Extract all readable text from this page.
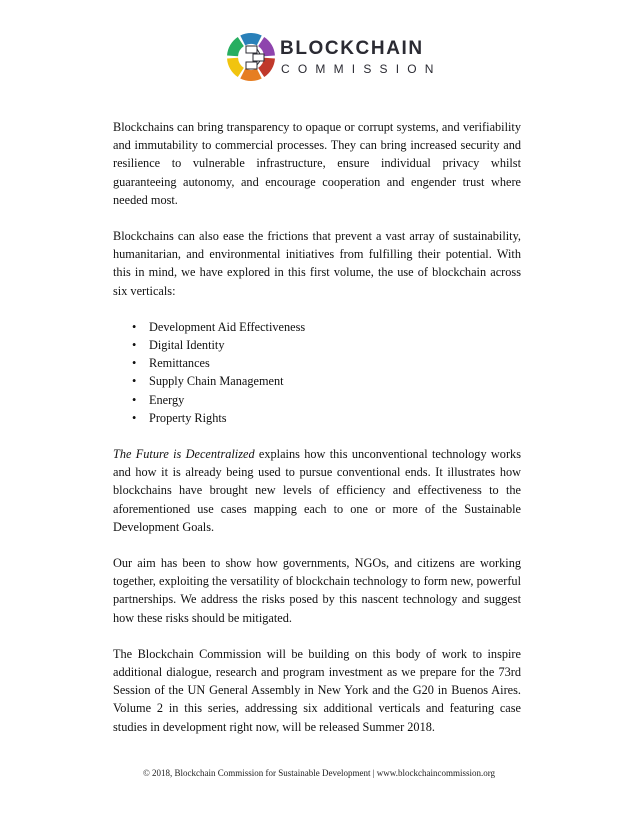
BLOCKCHAIN
COMMISSION

Blockchains can bring transparency to opaque or corrupt systems, and verifiability and immutability to commercial processes. They can bring increased security and resilience to vulnerable infrastructure, ensure individual privacy whilst guaranteeing autonomy, and encourage cooperation and engender trust where needed most.

Blockchains can also ease the frictions that prevent a vast array of sustainability, humanitarian, and environmental initiatives from fulfilling their potential. With this in mind, we have explored in this first volume, the use of blockchain across six verticals:

• Development Aid Effectiveness
• Digital Identity
• Remittances
• Supply Chain Management
• Energy
• Property Rights

The Future is Decentralized explains how this unconventional technology works and how it is already being used to pursue conventional ends. It illustrates how blockchains have brought new levels of efficiency and effectiveness to the aforementioned use cases mapping each to one or more of the Sustainable Development Goals.

Our aim has been to show how governments, NGOs, and citizens are working together, exploiting the versatility of blockchain technology to form new, powerful partnerships. We address the risks posed by this nascent technology and suggest how these risks should be mitigated.

The Blockchain Commission will be building on this body of work to inspire additional dialogue, research and program investment as we prepare for the 73rd Session of the UN General Assembly in New York and the G20 in Buenos Aires. Volume 2 in this series, addressing six additional verticals and featuring case studies in development right now, will be released Summer 2018.

© 2018, Blockchain Commission for Sustainable Development | www.blockchaincommission.org
